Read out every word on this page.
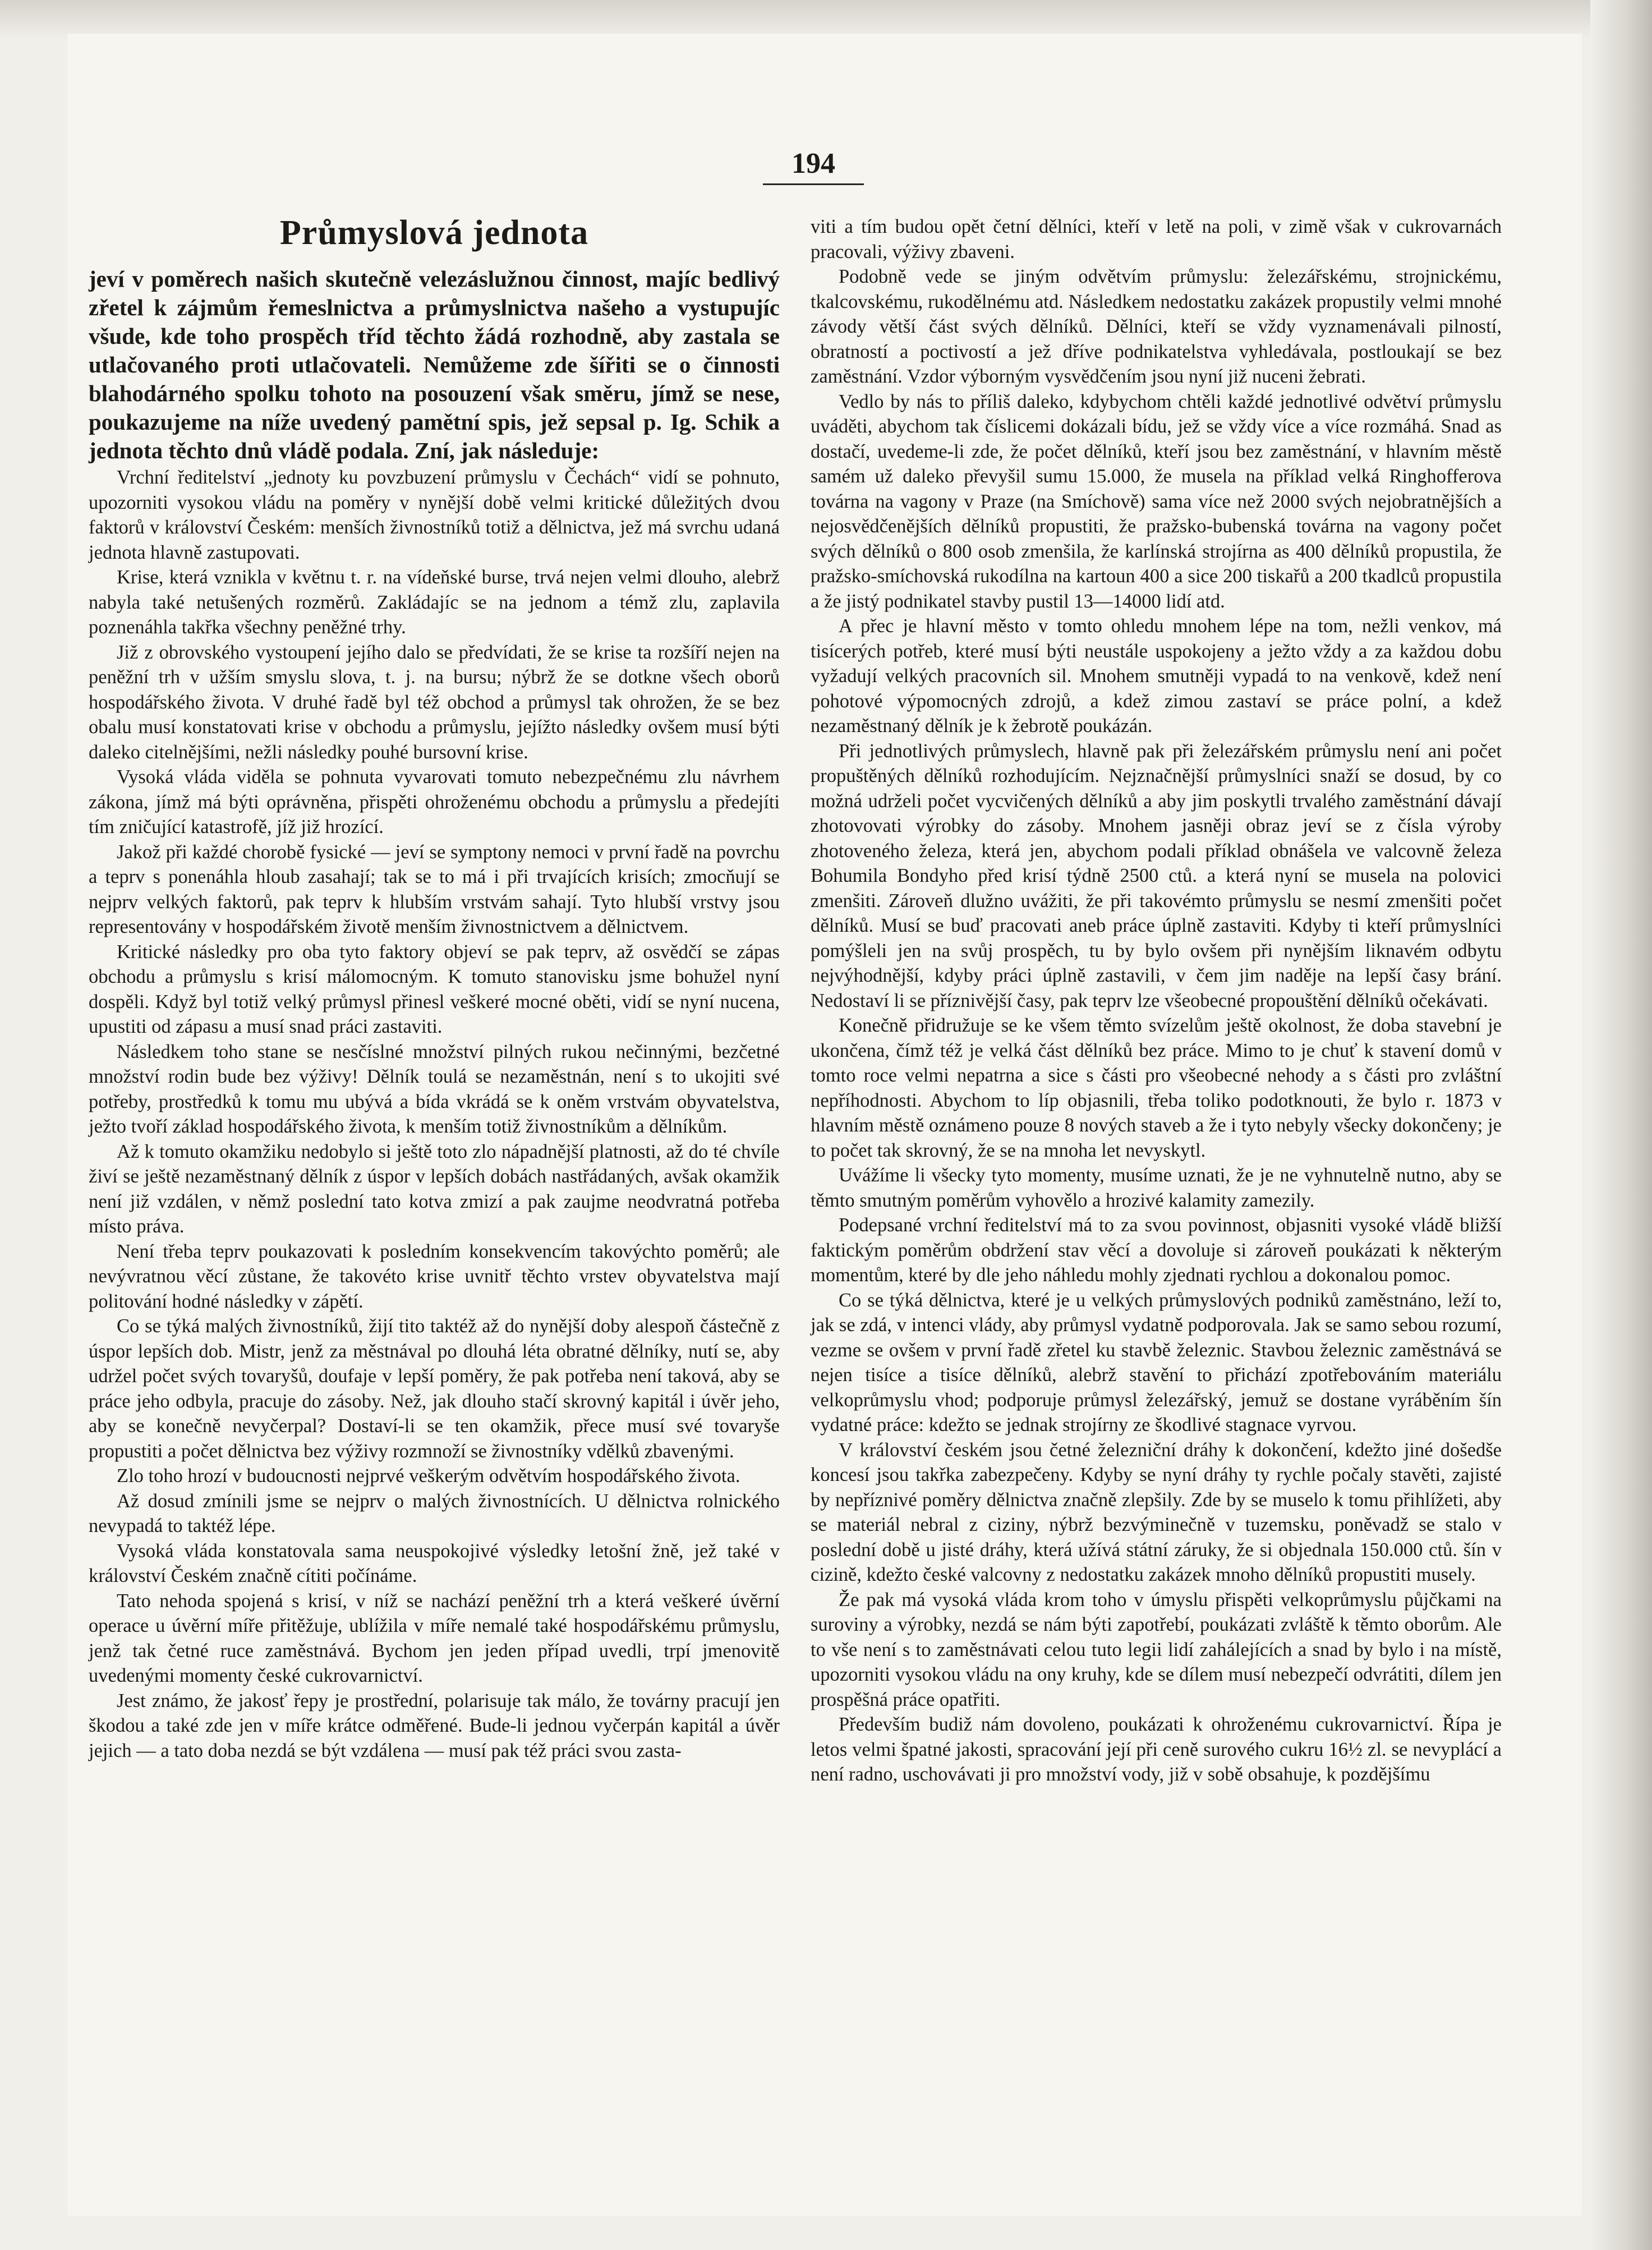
194
Průmyslová jednota

jeví v poměrech našich skutečně velezáslužnou činnost, majíc bedlivý zřetel k zájmům řemeslnictva a průmyslnictva našeho a vystupujíc všude, kde toho prospěch tříd těchto žádá rozhodně, aby zastala se utlačovaného proti utlačovateli. Nemůžeme zde šířiti se o činnosti blahodárného spolku tohoto na posouzení však směru, jímž se nese, poukazujeme na níže uvedený pamětní spis, jež sepsal p. Ig. Schik a jednota těchto dnů vládě podala. Zní, jak následuje:

Vrchní ředitelství „jednoty ku povzbuzení průmyslu v Čechách“ vidí se pohnuto, upozorniti vysokou vládu na poměry v nynější době velmi kritické důležitých dvou faktorů v království Českém: menších živnostníků totiž a dělnictva, jež má svrchu udaná jednota hlavně zastupovati.

Krise, která vznikla v květnu t. r. na vídeňské burse, trvá nejen velmi dlouho, alebrž nabyla také netušených rozměrů. Zakládajíc se na jednom a témž zlu, zaplavila poznenáhla takřka všechny peněžné trhy.

Již z obrovského vystoupení jejího dalo se předvídati, že se krise ta rozšíří nejen na peněžní trh v užším smyslu slova, t. j. na bursu; nýbrž že se dotkne všech oborů hospodářského života. V druhé řadě byl též obchod a průmysl tak ohrožen, že se bez obalu musí konstatovati krise v obchodu a průmyslu, jejížto následky ovšem musí býti daleko citelnějšími, nežli následky pouhé bursovní krise.

Vysoká vláda viděla se pohnuta vyvarovati tomuto nebezpečnému zlu návrhem zákona, jímž má býti oprávněna, přispěti ohroženému obchodu a průmyslu a předejíti tím zničující katastrofě, jíž již hrozící.

Jakož při každé chorobě fysické — jeví se symptony nemoci v první řadě na povrchu a teprv s ponenáhla hloub zasahají; tak se to má i při trvajících krisích; zmocňují se nejprv velkých faktorů, pak teprv k hlubším vrstvám sahají. Tyto hlubší vrstvy jsou representovány v hospodářském životě menším živnostnictvem a dělnictvem.

Kritické následky pro oba tyto faktory objeví se pak teprv, až osvědčí se zápas obchodu a průmyslu s krisí málomocným. K tomuto stanovisku jsme bohužel nyní dospěli. Když byl totiž velký průmysl přinesl veškeré mocné oběti, vidí se nyní nucena, upustiti od zápasu a musí snad práci zastaviti.

Následkem toho stane se nesčíslné množství pilných rukou nečinnými, bezčetné množství rodin bude bez výživy! Dělník toulá se nezaměstnán, není s to ukojiti své potřeby, prostředků k tomu mu ubývá a bída vkrádá se k oněm vrstvám obyvatelstva, ježto tvoří základ hospodářského života, k menším totiž živnostníkům a dělníkům.

Až k tomuto okamžiku nedobylo si ještě toto zlo nápadnější platnosti, až do té chvíle živí se ještě nezaměstnaný dělník z úspor v lepších dobách nastřádaných, avšak okamžik není již vzdálen, v němž poslední tato kotva zmizí a pak zaujme neodvratná potřeba místo práva.

Není třeba teprv poukazovati k posledním konsekvencím takovýchto poměrů; ale nevývratnou věcí zůstane, že takovéto krise uvnitř těchto vrstev obyvatelstva mají politování hodné následky v zápětí.

Co se týká malých živnostníků, žijí tito taktéž až do nynější doby alespoň částečně z úspor lepších dob. Mistr, jenž za městnával po dlouhá léta obratné dělníky, nutí se, aby udržel počet svých tovaryšů, doufaje v lepší poměry, že pak potřeba není taková, aby se práce jeho odbyla, pracuje do zásoby. Než, jak dlouho stačí skrovný kapitál i úvěr jeho, aby se konečně nevyčerpal? Dostaví-li se ten okamžik, přece musí své tovaryše propustiti a počet dělnictva bez výživy rozmnoží se živnostníky vdělků zbavenými.

Zlo toho hrozí v budoucnosti nejprvé veškerým odvětvím hospodářského života.

Až dosud zmínili jsme se nejprv o malých živnostnících. U dělnictva rolnického nevypadá to taktéž lépe.

Vysoká vláda konstatovala sama neuspokojivé výsledky letošní žně, jež také v království Českém značně cítiti počínáme.

Tato nehoda spojená s krisí, v níž se nachází peněžní trh a která veškeré úvěrní operace u úvěrní míře přitěžuje, ublížila v míře nemalé také hospodářskému průmyslu, jenž tak četné ruce zaměstnává. Bychom jen jeden případ uvedli, trpí jmenovitě uvedenými momenty české cukrovarnictví.

Jest známo, že jakosť řepy je prostřední, polarisuje tak málo, že továrny pracují jen škodou a také zde jen v míře krátce odměřené. Bude-li jednou vyčerpán kapitál a úvěr jejich — a tato doba nezdá se být vzdálena — musí pak též práci svou zasta-

viti a tím budou opět četní dělníci, kteří v letě na poli, v zimě však v cukrovarnách pracovali, výživy zbaveni.

Podobně vede se jiným odvětvím průmyslu: železářskému, strojnickému, tkalcovskému, rukodělnému atd. Následkem nedostatku zakázek propustily velmi mnohé závody větší část svých dělníků. Dělníci, kteří se vždy vyznamenávali pilností, obratností a poctivostí a jež dříve podnikatelstva vyhledávala, postloukají se bez zaměstnání. Vzdor výborným vysvědčením jsou nyní již nuceni žebrati.

Vedlo by nás to příliš daleko, kdybychom chtěli každé jednotlivé odvětví průmyslu uváděti, abychom tak číslicemi dokázali bídu, jež se vždy více a více rozmáhá. Snad as dostačí, uvedeme-li zde, že počet dělníků, kteří jsou bez zaměstnání, v hlavním městě samém už daleko převyšil sumu 15.000, že musela na příklad velká Ringhofferova továrna na vagony v Praze (na Smíchově) sama více než 2000 svých nejobratnějších a nejosvědčenějších dělníků propustiti, že pražsko-bubenská továrna na vagony počet svých dělníků o 800 osob zmenšila, že karlínská strojírna as 400 dělníků propustila, že pražsko-smíchovská rukodílna na kartoun 400 a sice 200 tiskařů a 200 tkadlců propustila a že jistý podnikatel stavby pustil 13—14000 lidí atd.

A přec je hlavní město v tomto ohledu mnohem lépe na tom, nežli venkov, má tisícerých potřeb, které musí býti neustále uspokojeny a ježto vždy a za každou dobu vyžadují velkých pracovních sil. Mnohem smutněji vypadá to na venkově, kdež není pohotové výpomocných zdrojů, a kdež zimou zastaví se práce polní, a kdež nezaměstnaný dělník je k žebrotě poukázán.

Při jednotlivých průmyslech, hlavně pak při železářském průmyslu není ani počet propuštěných dělníků rozhodujícím. Nejznačnější průmyslníci snaží se dosud, by co možná udrželi počet vycvičených dělníků a aby jim poskytli trvalého zaměstnání dávají zhotovovati výrobky do zásoby. Mnohem jasněji obraz jeví se z čísla výroby zhotoveného železa, která jen, abychom podali příklad obnášela ve valcovně železa Bohumila Bondyho před krisí týdně 2500 ctů. a která nyní se musela na polovici zmenšiti. Zároveň dlužno uvážiti, že při takovémto průmyslu se nesmí zmenšiti počet dělníků. Musí se buď pracovati aneb práce úplně zastaviti. Kdyby ti kteří průmyslníci pomýšleli jen na svůj prospěch, tu by bylo ovšem při nynějším liknavém odbytu nejvýhodnější, kdyby práci úplně zastavili, v čem jim naděje na lepší časy brání. Nedostaví li se příznivější časy, pak teprv lze všeobecné propouštění dělníků očekávati.

Konečně přidružuje se ke všem těmto svízelům ještě okolnost, že doba stavební je ukončena, čímž též je velká část dělníků bez práce. Mimo to je chuť k stavení domů v tomto roce velmi nepatrna a sice s části pro všeobecné nehody a s části pro zvláštní nepříhodnosti. Abychom to líp objasnili, třeba toliko podotknouti, že bylo r. 1873 v hlavním městě oznámeno pouze 8 nových staveb a že i tyto nebyly všecky dokončeny; je to počet tak skrovný, že se na mnoha let nevyskytl.

Uvážíme li všecky tyto momenty, musíme uznati, že je ne vyhnutelně nutno, aby se těmto smutným poměrům vyhovělo a hrozivé kalamity zamezily.

Podepsané vrchní ředitelství má to za svou povinnost, objasniti vysoké vládě bližší faktickým poměrům obdržení stav věcí a dovoluje si zároveň poukázati k některým momentům, které by dle jeho náhledu mohly zjednati rychlou a dokonalou pomoc.

Co se týká dělnictva, které je u velkých průmyslových podniků zaměstnáno, leží to, jak se zdá, v intenci vlády, aby průmysl vydatně podporovala. Jak se samo sebou rozumí, vezme se ovšem v první řadě zřetel ku stavbě železnic. Stavbou železnic zaměstnává se nejen tisíce a tisíce dělníků, alebrž stavění to přichází zpotřebováním materiálu velkoprůmyslu vhod; podporuje průmysl železářský, jemuž se dostane vyráběním šín vydatné práce: kdežto se jednak strojírny ze škodlivé stagnace vyrvou.

V království českém jsou četné železniční dráhy k dokončení, kdežto jiné došedše koncesí jsou takřka zabezpečeny. Kdyby se nyní dráhy ty rychle počaly stavěti, zajisté by nepříznivé poměry dělnictva značně zlepšily. Zde by se muselo k tomu přihlížeti, aby se materiál nebral z ciziny, nýbrž bezvýminečně v tuzemsku, poněvadž se stalo v poslední době u jisté dráhy, která užívá státní záruky, že si objednala 150.000 ctů. šín v cizině, kdežto české valcovny z nedostatku zakázek mnoho dělníků propustiti musely.

Že pak má vysoká vláda krom toho v úmyslu přispěti velkoprůmyslu půjčkami na suroviny a výrobky, nezdá se nám býti zapotřebí, poukázati zvláště k těmto oborům. Ale to vše není s to zaměstnávati celou tuto legii lidí zahálejících a snad by bylo i na místě, upozorniti vysokou vládu na ony kruhy, kde se dílem musí nebezpečí odvrátiti, dílem jen prospěšná práce opatřiti.

Především budiž nám dovoleno, poukázati k ohroženému cukrovarnictví. Řípa je letos velmi špatné jakosti, spracování její při ceně surového cukru 16½ zl. se nevyplácí a není radno, uschovávati ji pro množství vody, již v sobě obsahuje, k pozdějšímu
